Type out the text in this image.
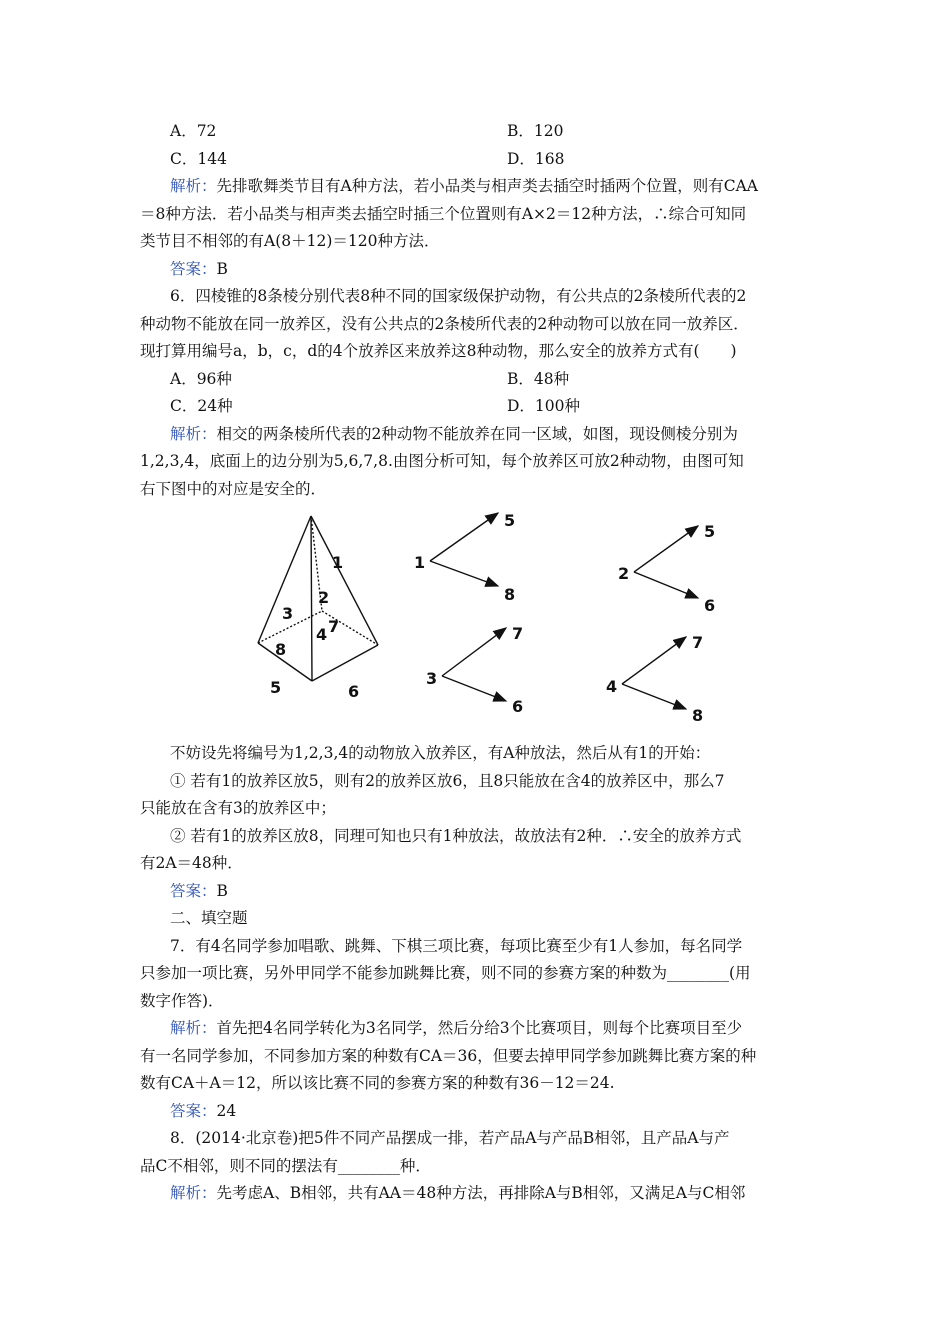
A．72	B．120
C．144	D．168
解析：先排歌舞类节目有A种方法，若小品类与相声类去插空时插两个位置，则有CAA
＝8种方法．若小品类与相声类去插空时插三个位置则有A×2＝12种方法，∴综合可知同
类节目不相邻的有A(8＋12)＝120种方法．
答案：B
6．四棱锥的8条棱分别代表8种不同的国家级保护动物，有公共点的2条棱所代表的2
种动物不能放在同一放养区，没有公共点的2条棱所代表的2种动物可以放在同一放养区．
现打算用编号a，b，c，d的4个放养区来放养这8种动物，那么安全的放养方式有(　　)
A．96种	B．48种
C．24种	D．100种
解析：相交的两条棱所代表的2种动物不能放养在同一区域，如图，现设侧棱分别为
1,2,3,4，底面上的边分别为5,6,7,8.由图分析可知，每个放养区可放2种动物，由图可知
右下图中的对应是安全的．
1
2
3
4
5	6
7
8
1
5
8
2
5
6
3
7
6
4
7
8
不妨设先将编号为1,2,3,4的动物放入放养区，有A种放法，然后从有1的开始：
① 若有1的放养区放5，则有2的放养区放6，且8只能放在含4的放养区中，那么7
只能放在含有3的放养区中；
② 若有1的放养区放8，同理可知也只有1种放法，故放法有2种．∴安全的放养方式
有2A＝48种．
答案：B
二、填空题
7．有4名同学参加唱歌、跳舞、下棋三项比赛，每项比赛至少有1人参加，每名同学
只参加一项比赛，另外甲同学不能参加跳舞比赛，则不同的参赛方案的种数为________(用
数字作答)．
解析：首先把4名同学转化为3名同学，然后分给3个比赛项目，则每个比赛项目至少
有一名同学参加，不同参加方案的种数有CA＝36，但要去掉甲同学参加跳舞比赛方案的种
数有CA＋A＝12，所以该比赛不同的参赛方案的种数有36－12＝24.
答案：24
8．(2014·北京卷)把5件不同产品摆成一排，若产品A与产品B相邻，且产品A与产
品C不相邻，则不同的摆法有________种．
解析：先考虑A、B相邻，共有AA＝48种方法，再排除A与B相邻，又满足A与C相邻
